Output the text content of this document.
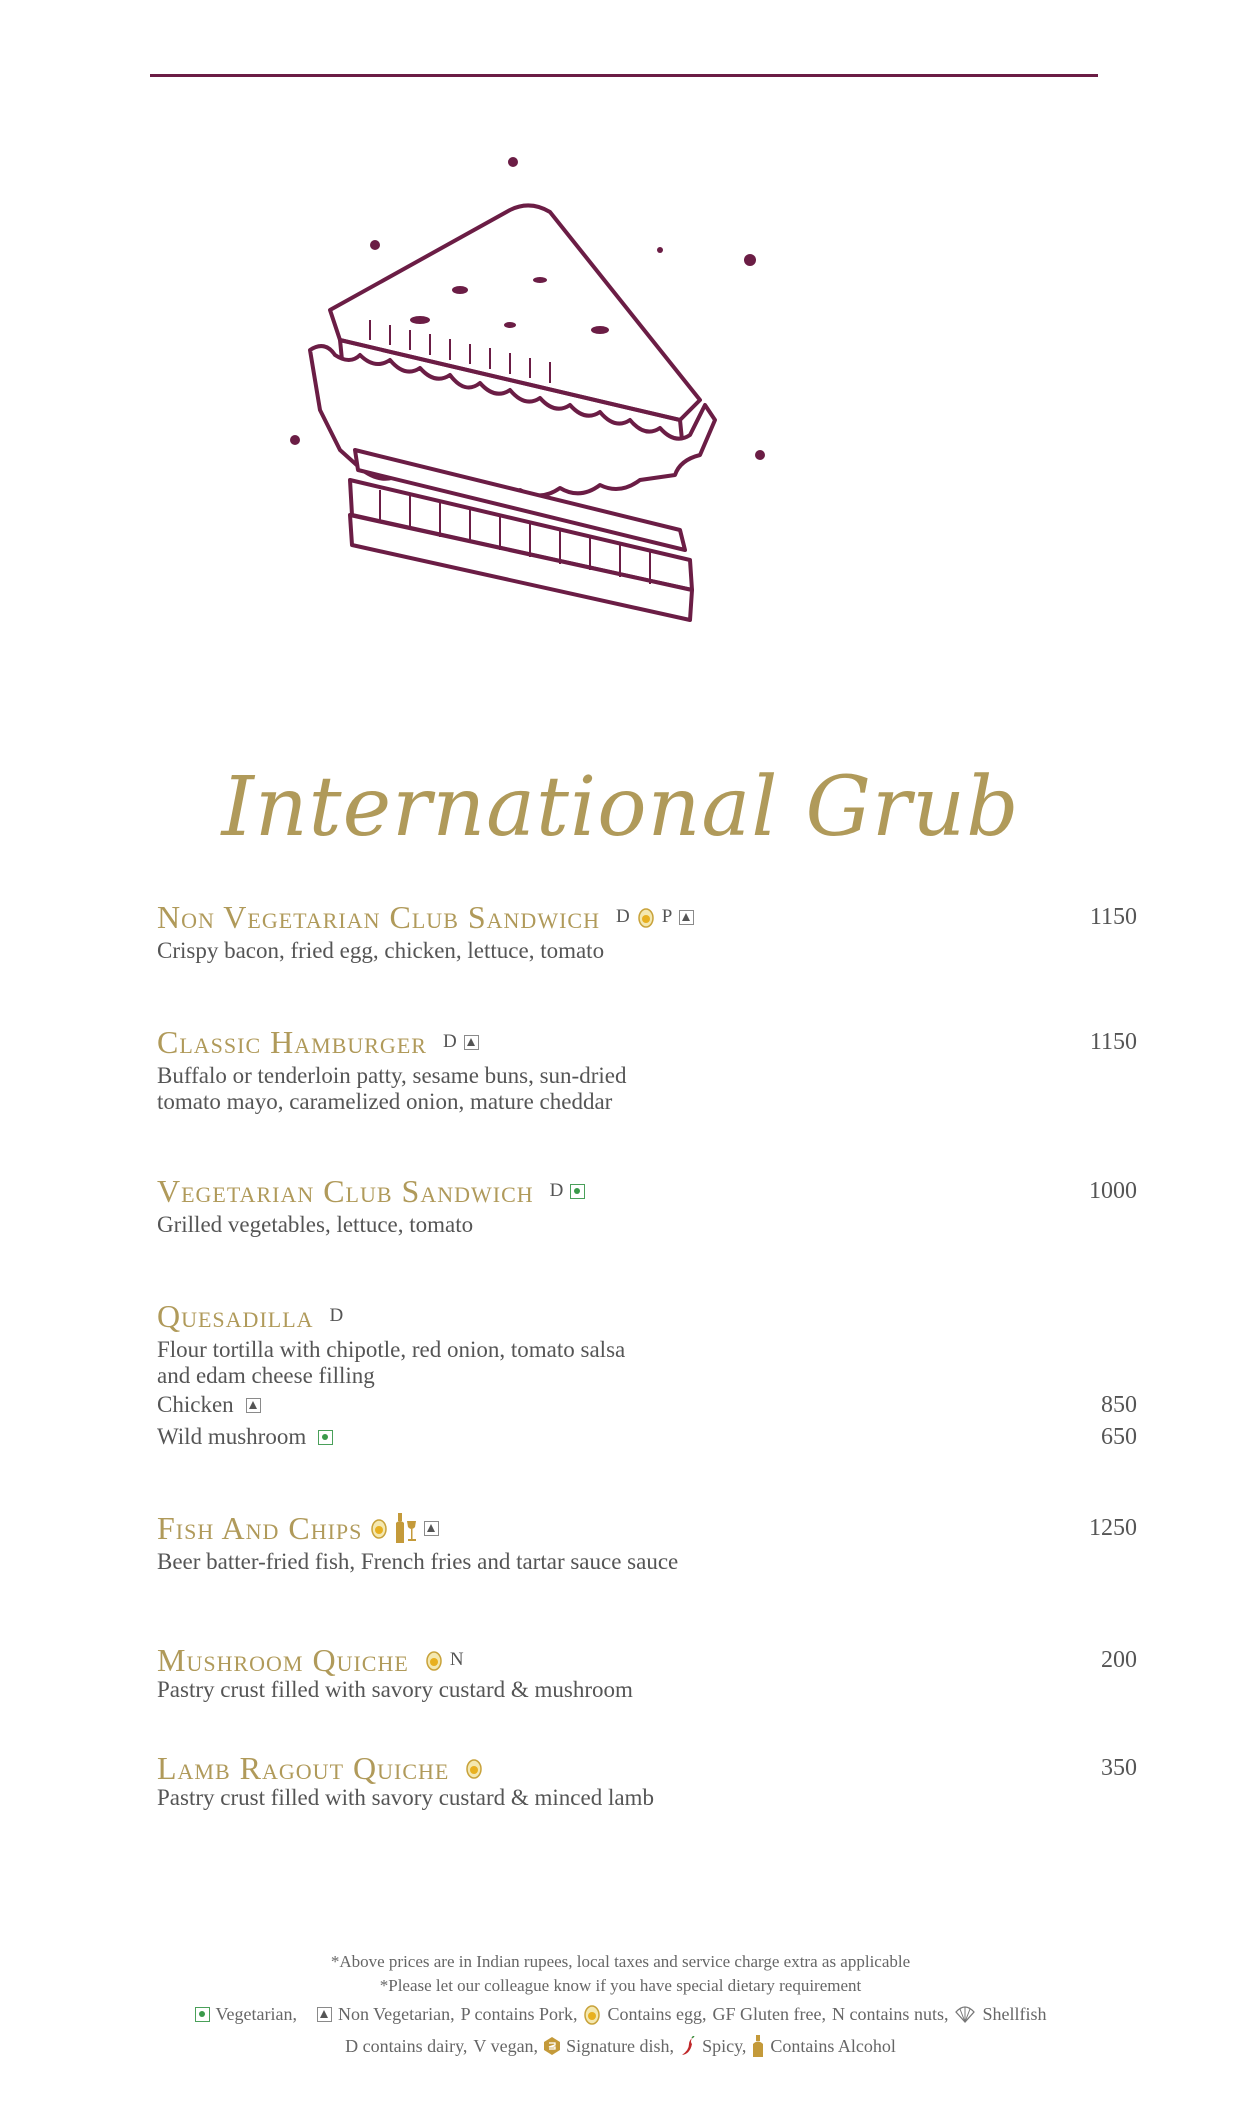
International Grub
Non Vegetarian Club Sandwich D P	1150
Crispy bacon, fried egg, chicken, lettuce, tomato
Classic Hamburger D	1150
Buffalo or tenderloin patty, sesame buns, sun-dried
tomato mayo, caramelized onion, mature cheddar
Vegetarian Club Sandwich D	1000
Grilled vegetables, lettuce, tomato
Quesadilla D
Flour tortilla with chipotle, red onion, tomato salsa
and edam cheese filling
Chicken	850
Wild mushroom	650
Fish And Chips	1250
Beer batter-fried fish, French fries and tartar sauce sauce
Mushroom Quiche N	200
Pastry crust filled with savory custard & mushroom
Lamb Ragout Quiche	350
Pastry crust filled with savory custard & minced lamb
*Above prices are in Indian rupees, local taxes and service charge extra as applicable
*Please let our colleague know if you have special dietary requirement
Vegetarian, Non Vegetarian, P contains Pork, Contains egg, GF Gluten free, N contains nuts, Shellfish
D contains dairy, V vegan, Signature dish, Spicy, Contains Alcohol
